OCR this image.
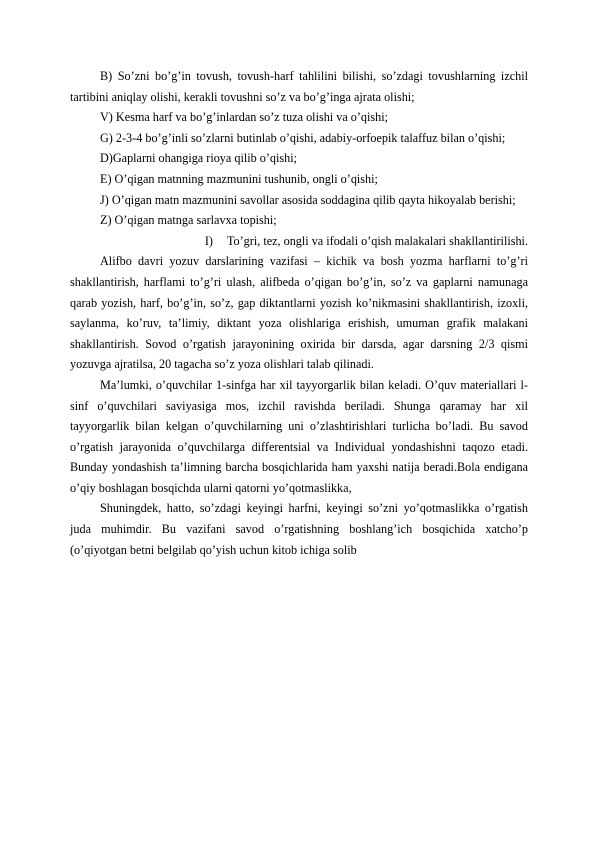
B) So’zni bo’g’in tovush, tovush-harf tahlilini bilishi, so’zdagi tovushlarning izchil tartibini aniqlay olishi, kerakli tovushni so’z va bo’g’inga ajrata olishi;

V) Kesma harf va bo’g’inlardan so’z tuza olishi va o’qishi;

G) 2-3-4 bo’g’inli so’zlarni butinlab o’qishi, adabiy-orfoepik talaffuz bilan o’qishi;

D)Gaplarni ohangiga rioya qilib o’qishi;

E) O’qigan matnning mazmunini tushunib, ongli o’qishi;

J) O’qigan matn mazmunini savollar asosida soddagina qilib qayta hikoyalab berishi;

Z) O’qigan matnga sarlavxa topishi;

I) To’gri, tez, ongli va ifodali o’qish malakalari shakllantirilishi.

Alifbo davri yozuv darslarining vazifasi – kichik va bosh yozma harflarni to’g’ri shakllantirish, harflami to’g’ri ulash, alifbeda o’qigan bo’g’in, so’z va gaplarni namunaga qarab yozish, harf, bo’g’in, so’z, gap diktantlarni yozish ko’nikmasini shakllantirish, izoxli, saylanma, ko’ruv, ta’limiy, diktant yoza olishlariga erishish, umuman grafik malakani shakllantirish. Sovod o’rgatish jarayonining oxirida bir darsda, agar darsning 2/3 qismi yozuvga ajratilsa, 20 tagacha so’z yoza olishlari talab qilinadi.

Ma’lumki, o’quvchilar 1-sinfga har xil tayyorgarlik bilan keladi. O’quv materiallari l-sinf o’quvchilari saviyasiga mos, izchil ravishda beriladi. Shunga qaramay har xil tayyorgarlik bilan kelgan o’quvchilarning uni o’zlashtirishlari turlicha bo’ladi. Bu savod o’rgatish jarayonida o’quvchilarga differentsial va Individual yondashishni taqozo etadi. Bunday yondashish ta’limning barcha bosqichlarida ham yaxshi natija beradi.Bola endigana o’qiy boshlagan bosqichda ularni qatorni yo’qotmaslikka,

Shuningdek, hatto, so’zdagi keyingi harfni, keyingi so’zni yo’qotmaslikka o’rgatish juda muhimdir. Bu vazifani savod o’rgatishning boshlang’ich bosqichida xatcho’p (o’qiyotgan betni belgilab qo’yish uchun kitob ichiga solib
